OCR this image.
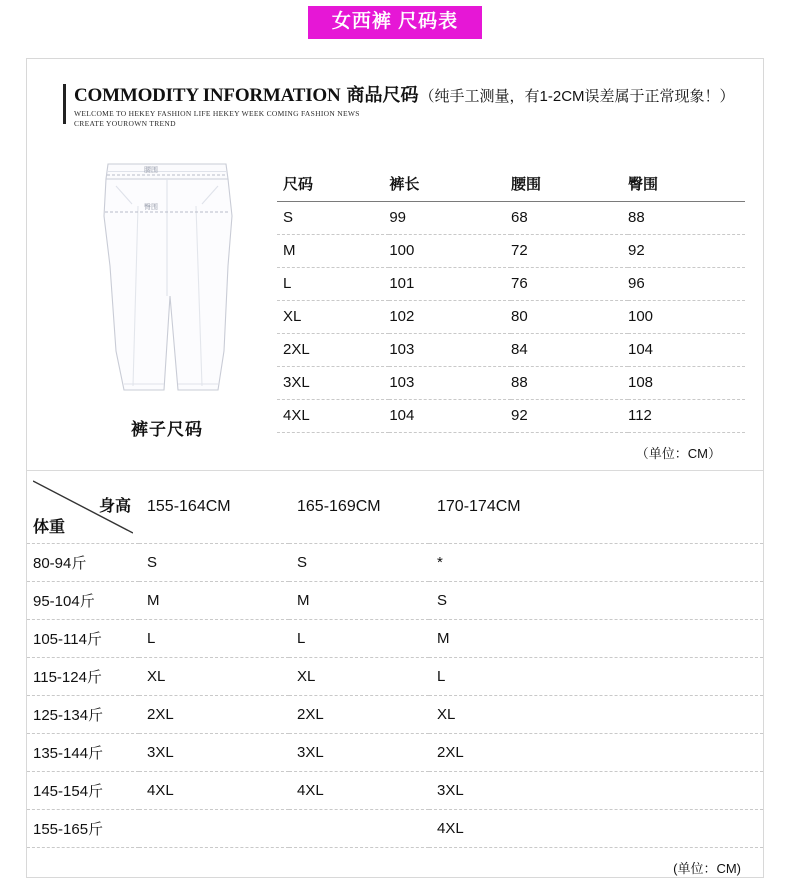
女西裤 尺码表
COMMODITY INFORMATION 商品尺码 （纯手工测量，有1-2CM误差属于正常现象！）
WELCOME TO HEKEY FASHION LIFE HEKEY WEEK COMING FASHION NEWS
CREATE YOUROWN TREND
腰围
臀围
裤子尺码
尺码	裤长	腰围	臀围
S	99	68	88
M	100	72	92
L	101	76	96
XL	102	80	100
2XL	103	84	104
3XL	103	88	108
4XL	104	92	112
（单位：CM）
身高
体重	155-164CM	165-169CM	170-174CM
80-94斤	S	S	*
95-104斤	M	M	S
105-114斤	L	L	M
115-124斤	XL	XL	L
125-134斤	2XL	2XL	XL
135-144斤	3XL	3XL	2XL
145-154斤	4XL	4XL	3XL
155-165斤			4XL
(单位：CM)
